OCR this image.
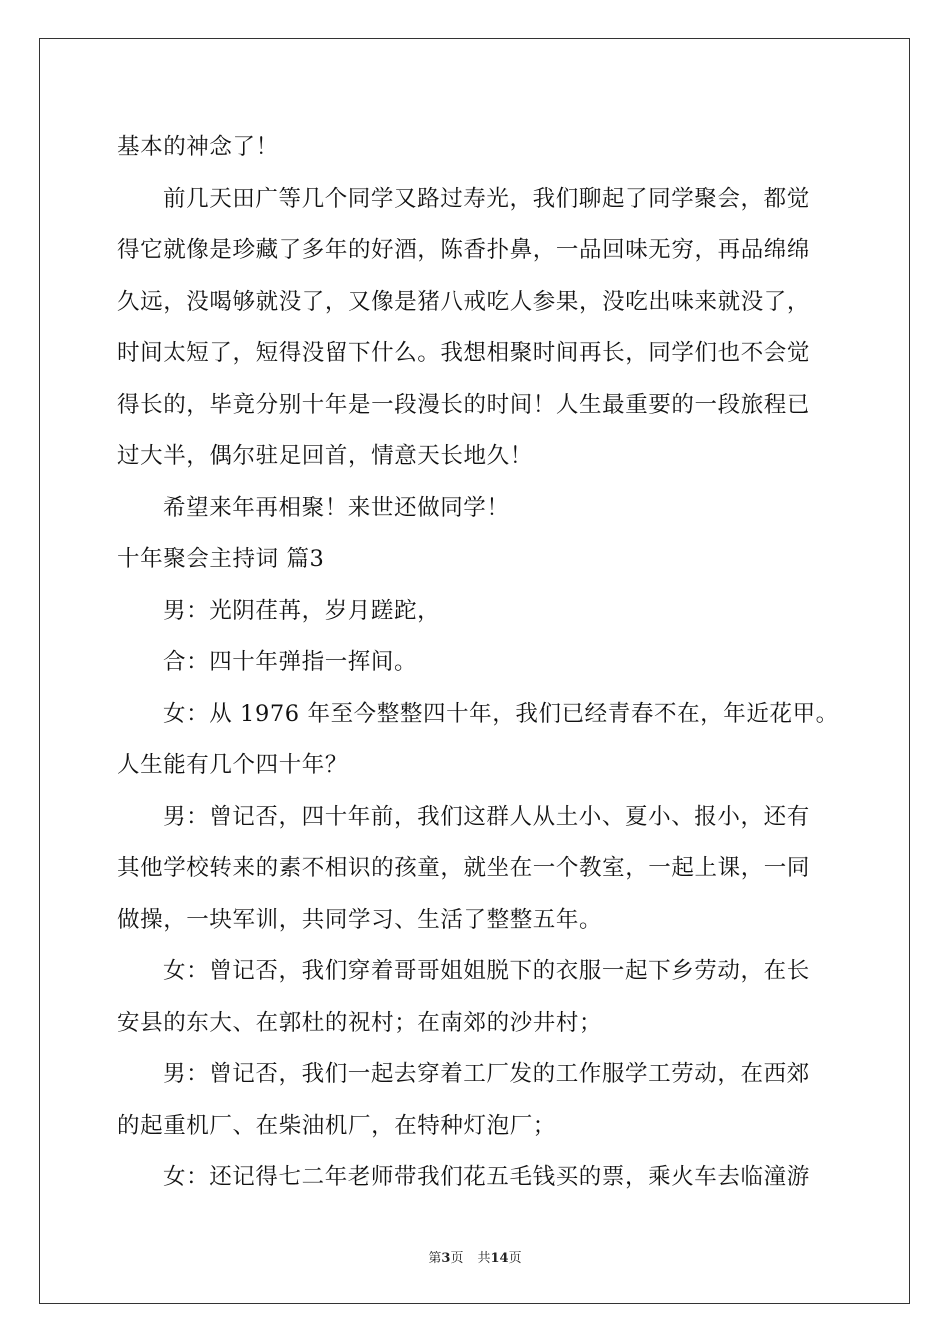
基本的神念了！
前几天田广等几个同学又路过寿光，我们聊起了同学聚会，都觉
得它就像是珍藏了多年的好酒，陈香扑鼻，一品回味无穷，再品绵绵
久远，没喝够就没了，又像是猪八戒吃人参果，没吃出味来就没了，
时间太短了，短得没留下什么。我想相聚时间再长，同学们也不会觉
得长的，毕竟分别十年是一段漫长的时间！人生最重要的一段旅程已
过大半，偶尔驻足回首，情意天长地久！
希望来年再相聚！来世还做同学！
十年聚会主持词 篇3
男：光阴荏苒，岁月蹉跎，
合：四十年弹指一挥间。
女：从 1976 年至今整整四十年，我们已经青春不在，年近花甲。
人生能有几个四十年？
男：曾记否，四十年前，我们这群人从土小、夏小、报小，还有
其他学校转来的素不相识的孩童，就坐在一个教室，一起上课，一同
做操，一块军训，共同学习、生活了整整五年。
女：曾记否，我们穿着哥哥姐姐脱下的衣服一起下乡劳动，在长
安县的东大、在郭杜的祝村；在南郊的沙井村；
男：曾记否，我们一起去穿着工厂发的工作服学工劳动，在西郊
的起重机厂、在柴油机厂，在特种灯泡厂；
女：还记得七二年老师带我们花五毛钱买的票，乘火车去临潼游
第3页 共14页
